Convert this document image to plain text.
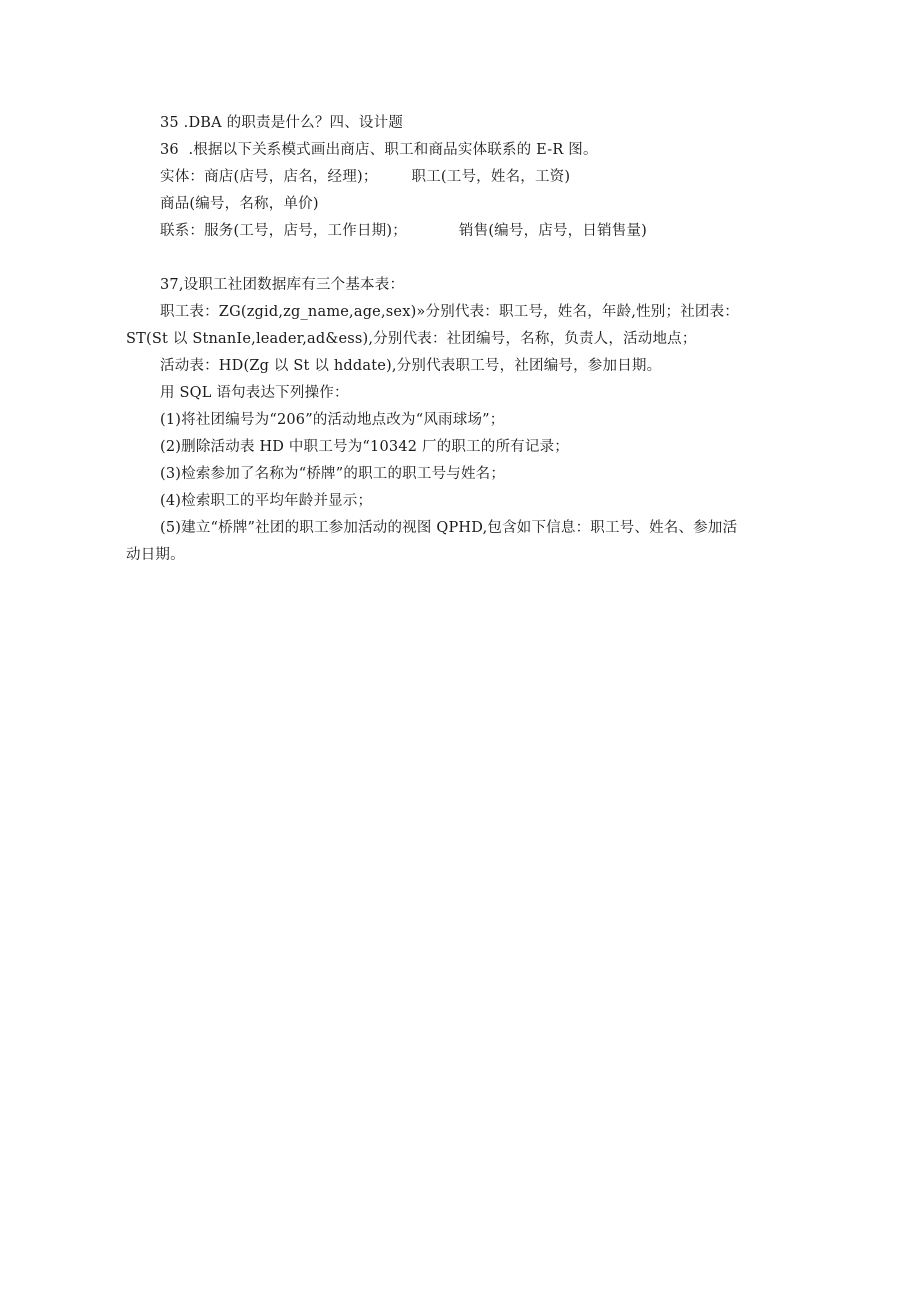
35 .DBA 的职责是什么？四、设计题
36  .根据以下关系模式画出商店、职工和商品实体联系的 E-R 图。
实体：商店(店号，店名，经理)； 职工(工号，姓名，工资)
商品(编号，名称，单价)
联系：服务(工号，店号，工作日期)；	销售(编号，店号，日销售量)
37,设职工社团数据库有三个基本表：
职工表：ZG(zgid,zg_name,age,sex)»分别代表：职工号，姓名，年龄,性别；社团表：
ST(St 以 StnanIe,leader,ad&ess),分别代表：社团编号，名称，负责人，活动地点；
活动表：HD(Zg 以 St 以 hddate),分别代表职工号，社团编号，参加日期。
用 SQL 语句表达下列操作：
(1)将社团编号为“206”的活动地点改为“风雨球场”；
(2)删除活动表 HD 中职工号为“10342 厂的职工的所有记录；
(3)检索参加了名称为“桥牌”的职工的职工号与姓名；
(4)检索职工的平均年龄并显示；
(5)建立“桥牌”社团的职工参加活动的视图 QPHD,包含如下信息：职工号、姓名、参加活
动日期。
